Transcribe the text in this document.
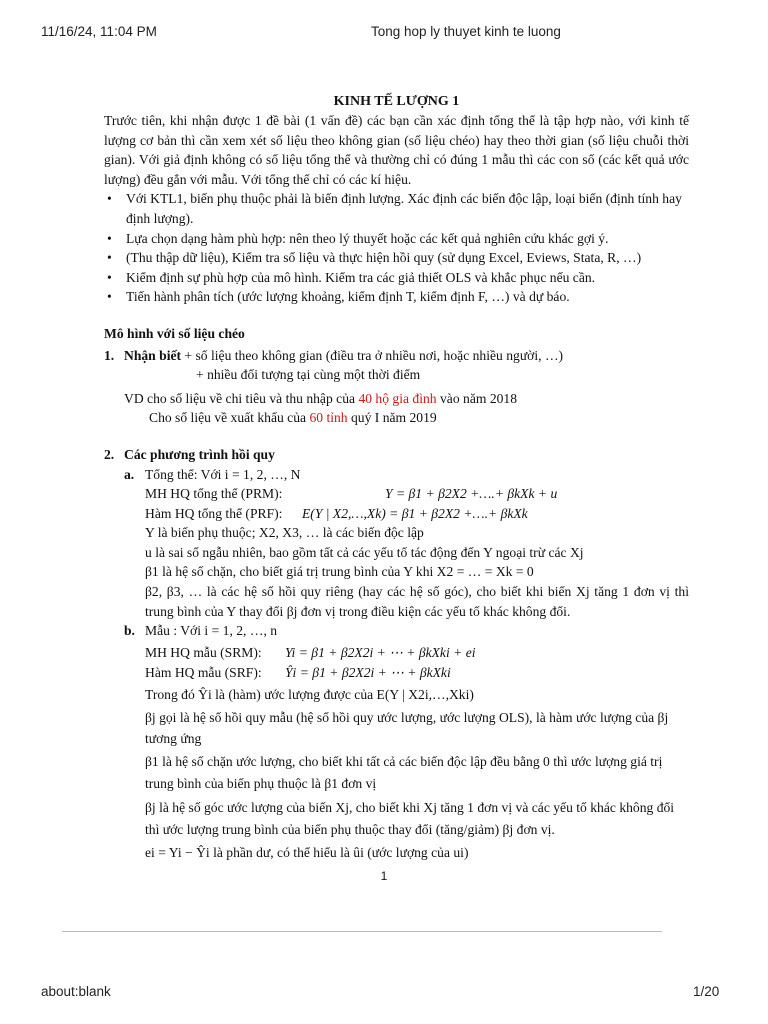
11/16/24, 11:04 PM	Tong hop ly thuyet kinh te luong
KINH TẾ LƯỢNG 1

Trước tiên, khi nhận được 1 đề bài (1 vấn đề) các bạn cần xác định tổng thể là tập hợp nào, với kinh tế lượng cơ bản thì cần xem xét số liệu theo không gian (số liệu chéo) hay theo thời gian (số liệu chuỗi thời gian). Với giả định không có số liệu tổng thể và thường chỉ có đúng 1 mẫu thì các con số (các kết quả ước lượng) đều gắn với mẫu. Với tổng thể chỉ có các kí hiệu.

• Với KTL1, biến phụ thuộc phải là biến định lượng. Xác định các biến độc lập, loại biến (định tính hay định lượng).
• Lựa chọn dạng hàm phù hợp: nên theo lý thuyết hoặc các kết quả nghiên cứu khác gợi ý.
• (Thu thập dữ liệu), Kiểm tra số liệu và thực hiện hồi quy (sử dụng Excel, Eviews, Stata, R, …)
• Kiểm định sự phù hợp của mô hình. Kiểm tra các giả thiết OLS và khắc phục nếu cần.
• Tiến hành phân tích (ước lượng khoảng, kiểm định T, kiểm định F, …) và dự báo.
Mô hình với số liệu chéo
1. Nhận biết + số liệu theo không gian (điều tra ở nhiều nơi, hoặc nhiều người, …)
+ nhiều đối tượng tại cùng một thời điểm
VD cho số liệu về chi tiêu và thu nhập của 40 hộ gia đình vào năm 2018
Cho số liệu về xuất khẩu của 60 tỉnh quý I năm 2019
2. Các phương trình hồi quy
a. Tổng thể: Với i = 1, 2, …, N
MH HQ tổng thể (PRM):	Y = β1 + β2X2 +….+ βkXk + u
Hàm HQ tổng thể (PRF):	E(Y | X2,…,Xk) = β1 + β2X2 +….+ βkXk
Y là biến phụ thuộc; X2, X3, … là các biến độc lập
u là sai số ngẫu nhiên, bao gồm tất cả các yếu tố tác động đến Y ngoại trừ các Xj
β1 là hệ số chặn, cho biết giá trị trung bình của Y khi X2 = … = Xk = 0
β2, β3, … là các hệ số hồi quy riêng (hay các hệ số góc), cho biết khi biến Xj tăng 1 đơn vị thì trung bình của Y thay đổi βj đơn vị trong điều kiện các yếu tố khác không đổi.
b. Mẫu : Với i = 1, 2, …, n
MH HQ mẫu (SRM):	Yi = β1 + β2X2i + ⋯ + βkXki + ei
Hàm HQ mẫu (SRF):	Ŷi = β1 + β2X2i + ⋯ + βkXki
Trong đó Ŷi là (hàm) ước lượng được của E(Y | X2i,…,Xki)
βj gọi là hệ số hồi quy mẫu (hệ số hồi quy ước lượng, ước lượng OLS), là hàm ước lượng của βj tương ứng
β1 là hệ số chặn ước lượng, cho biết khi tất cả các biến độc lập đều bằng 0 thì ước lượng giá trị trung bình của biến phụ thuộc là β1 đơn vị
βj là hệ số góc ước lượng của biến Xj, cho biết khi Xj tăng 1 đơn vị và các yếu tố khác không đổi thì ước lượng trung bình của biến phụ thuộc thay đổi (tăng/giảm) βj đơn vị.
ei = Yi − Ŷi là phần dư, có thể hiểu là ûi (ước lượng của ui)
1
about:blank	1/20
